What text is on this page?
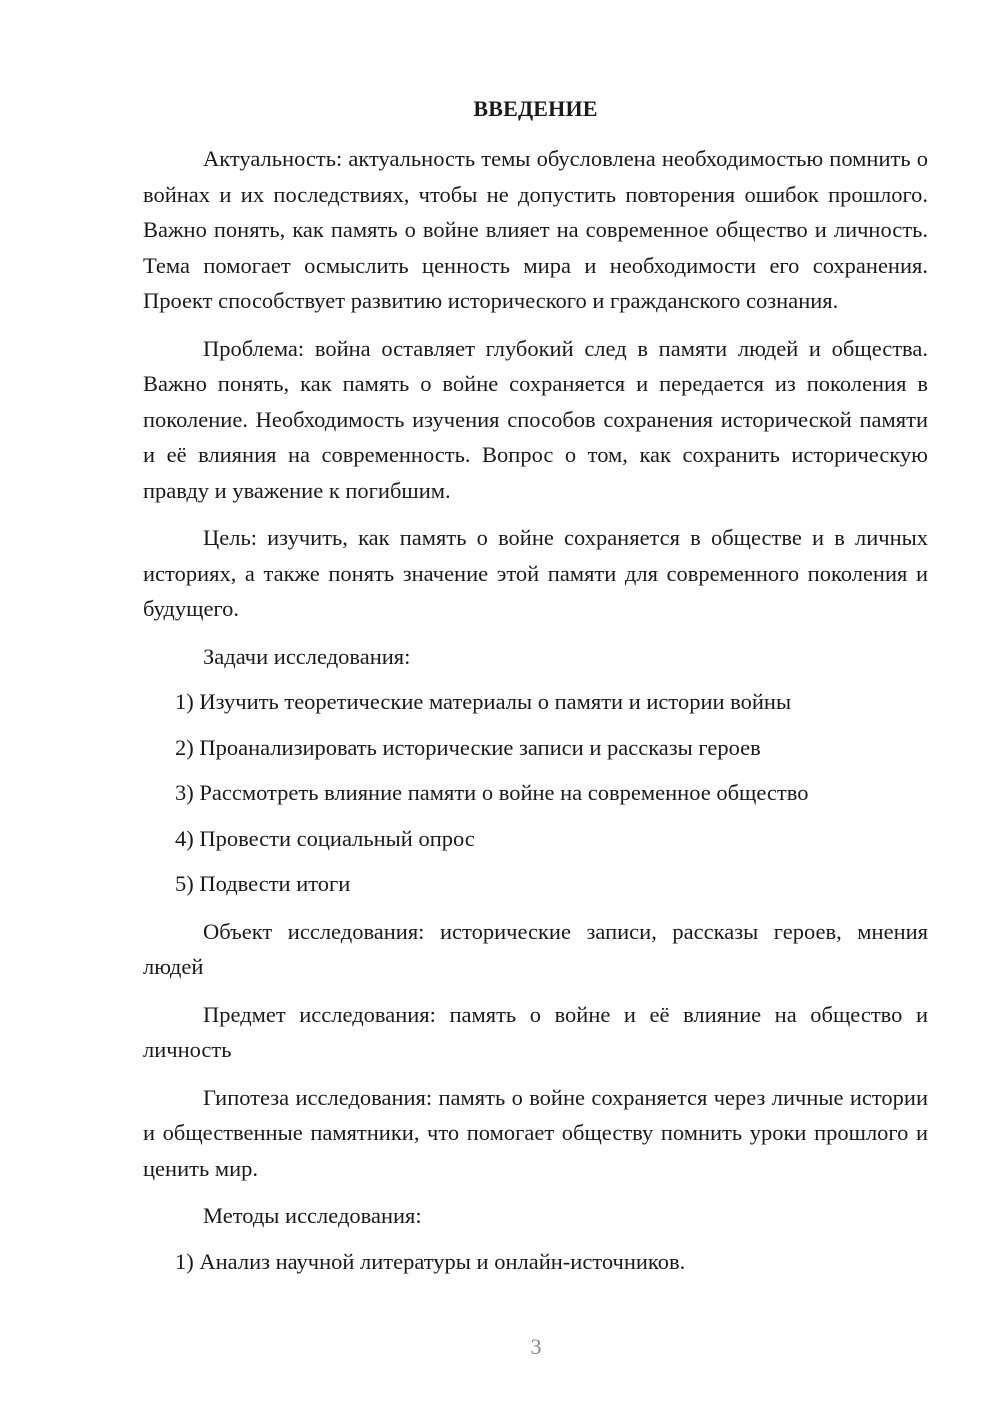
ВВЕДЕНИЕ

Актуальность: актуальность темы обусловлена необходимостью помнить о войнах и их последствиях, чтобы не допустить повторения ошибок прошлого. Важно понять, как память о войне влияет на современное общество и личность. Тема помогает осмыслить ценность мира и необходимости его сохранения. Проект способствует развитию исторического и гражданского сознания.

Проблема: война оставляет глубокий след в памяти людей и общества. Важно понять, как память о войне сохраняется и передается из поколения в поколение. Необходимость изучения способов сохранения исторической памяти и её влияния на современность. Вопрос о том, как сохранить историческую правду и уважение к погибшим.

Цель: изучить, как память о войне сохраняется в обществе и в личных историях, а также понять значение этой памяти для современного поколения и будущего.

Задачи исследования:

1) Изучить теоретические материалы о памяти и истории войны

2) Проанализировать исторические записи и рассказы героев

3) Рассмотреть влияние памяти о войне на современное общество

4) Провести социальный опрос

5) Подвести итоги

Объект исследования: исторические записи, рассказы героев, мнения людей

Предмет исследования: память о войне и её влияние на общество и личность

Гипотеза исследования: память о войне сохраняется через личные истории и общественные памятники, что помогает обществу помнить уроки прошлого и ценить мир.

Методы исследования:

1) Анализ научной литературы и онлайн-источников.

3
